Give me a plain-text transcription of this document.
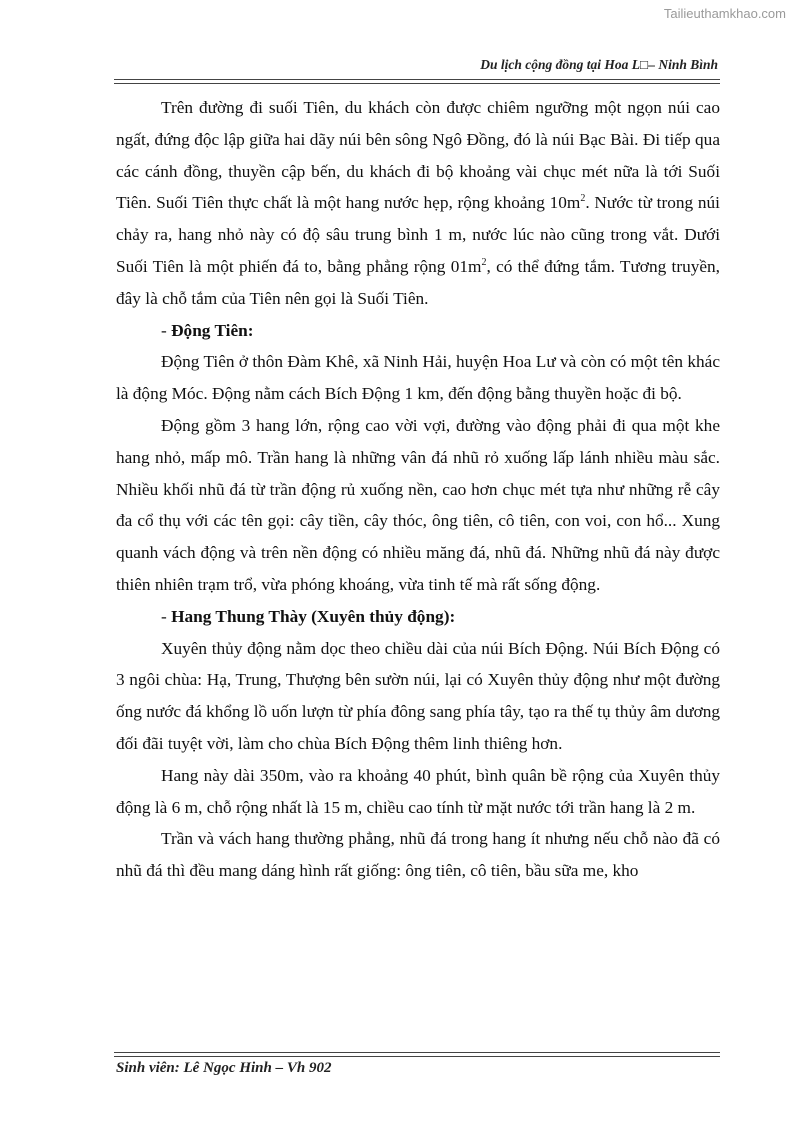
Tailieuthamkhao.com
Du lịch cộng đồng tại Hoa L□– Ninh Bình

Trên đường đi suối Tiên, du khách còn được chiêm ngưỡng một ngọn núi cao ngất, đứng độc lập giữa hai dãy núi bên sông Ngô Đồng, đó là núi Bạc Bài. Đi tiếp qua các cánh đồng, thuyền cập bến, du khách đi bộ khoảng vài chục mét nữa là tới Suối Tiên. Suối Tiên thực chất là một hang nước hẹp, rộng khoảng $10m^2$. Nước từ trong núi chảy ra, hang nhỏ này có độ sâu trung bình 1 m, nước lúc nào cũng trong vắt. Dưới Suối Tiên là một phiến đá to, bằng phẳng rộng $01m^2$, có thể đứng tắm. Tương truyền, đây là chỗ tắm của Tiên nên gọi là Suối Tiên.

- Động Tiên:

Động Tiên ở thôn Đàm Khê, xã Ninh Hải, huyện Hoa Lư và còn có một tên khác là động Móc. Động nằm cách Bích Động 1 km, đến động bằng thuyền hoặc đi bộ.

Động gồm 3 hang lớn, rộng cao vời vợi, đường vào động phải đi qua một khe hang nhỏ, mấp mô. Trần hang là những vân đá nhũ rỏ xuống lấp lánh nhiều màu sắc. Nhiều khối nhũ đá từ trần động rủ xuống nền, cao hơn chục mét tựa như những rễ cây đa cổ thụ với các tên gọi: cây tiền, cây thóc, ông tiên, cô tiên, con voi, con hổ... Xung quanh vách động và trên nền động có nhiều măng đá, nhũ đá. Những nhũ đá này được thiên nhiên trạm trổ, vừa phóng khoáng, vừa tinh tế mà rất sống động.

- Hang Thung Thày (Xuyên thủy động):

Xuyên thủy động nằm dọc theo chiều dài của núi Bích Động. Núi Bích Động có 3 ngôi chùa: Hạ, Trung, Thượng bên sườn núi, lại có Xuyên thủy động như một đường ống nước đá khổng lồ uốn lượn từ phía đông sang phía tây, tạo ra thế tụ thủy âm dương đối đãi tuyệt vời, làm cho chùa Bích Động thêm linh thiêng hơn.

Hang này dài 350m, vào ra khoảng 40 phút, bình quân bề rộng của Xuyên thủy động là 6 m, chỗ rộng nhất là 15 m, chiều cao tính từ mặt nước tới trần hang là 2 m.

Trần và vách hang thường phẳng, nhũ đá trong hang ít nhưng nếu chỗ nào đã có nhũ đá thì đều mang dáng hình rất giống: ông tiên, cô tiên, bầu sữa me, kho

Sinh viên: Lê Ngọc Hinh – Vh 902
